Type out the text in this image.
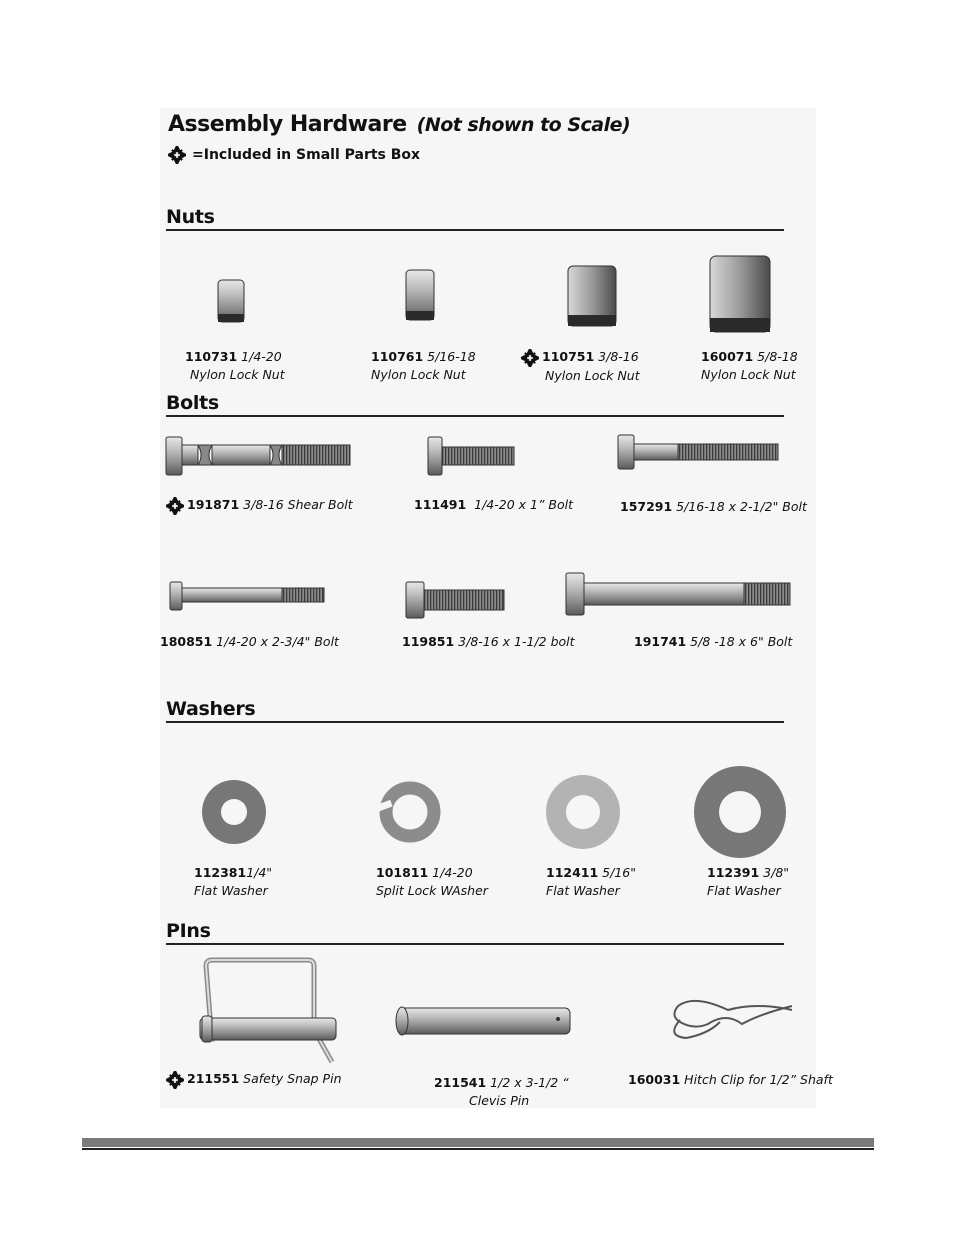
Assembly Hardware (Not shown to Scale)
=Included in Small Parts Box
Nuts
110731 1/4-20
Nylon Lock Nut
110761 5/16-18
Nylon Lock Nut
110751 3/8-16
Nylon Lock Nut
160071 5/8-18
Nylon Lock Nut
Bolts
191871 3/8-16 Shear Bolt	111491 1/4-20 x 1” Bolt	157291 5/16-18 x 2-1/2" Bolt
180851 1/4-20 x 2-3/4" Bolt	119851 3/8-16 x 1-1/2 bolt	191741 5/8 -18 x 6" Bolt
Washers
1123811/4"
Flat Washer
101811 1/4-20
Split Lock WAsher
112411 5/16"
Flat Washer
112391 3/8"
Flat Washer
PIns
211551 Safety Snap Pin	211541 1/2 x 3-1/2 “
Clevis Pin
160031 Hitch Clip for 1/2” Shaft
